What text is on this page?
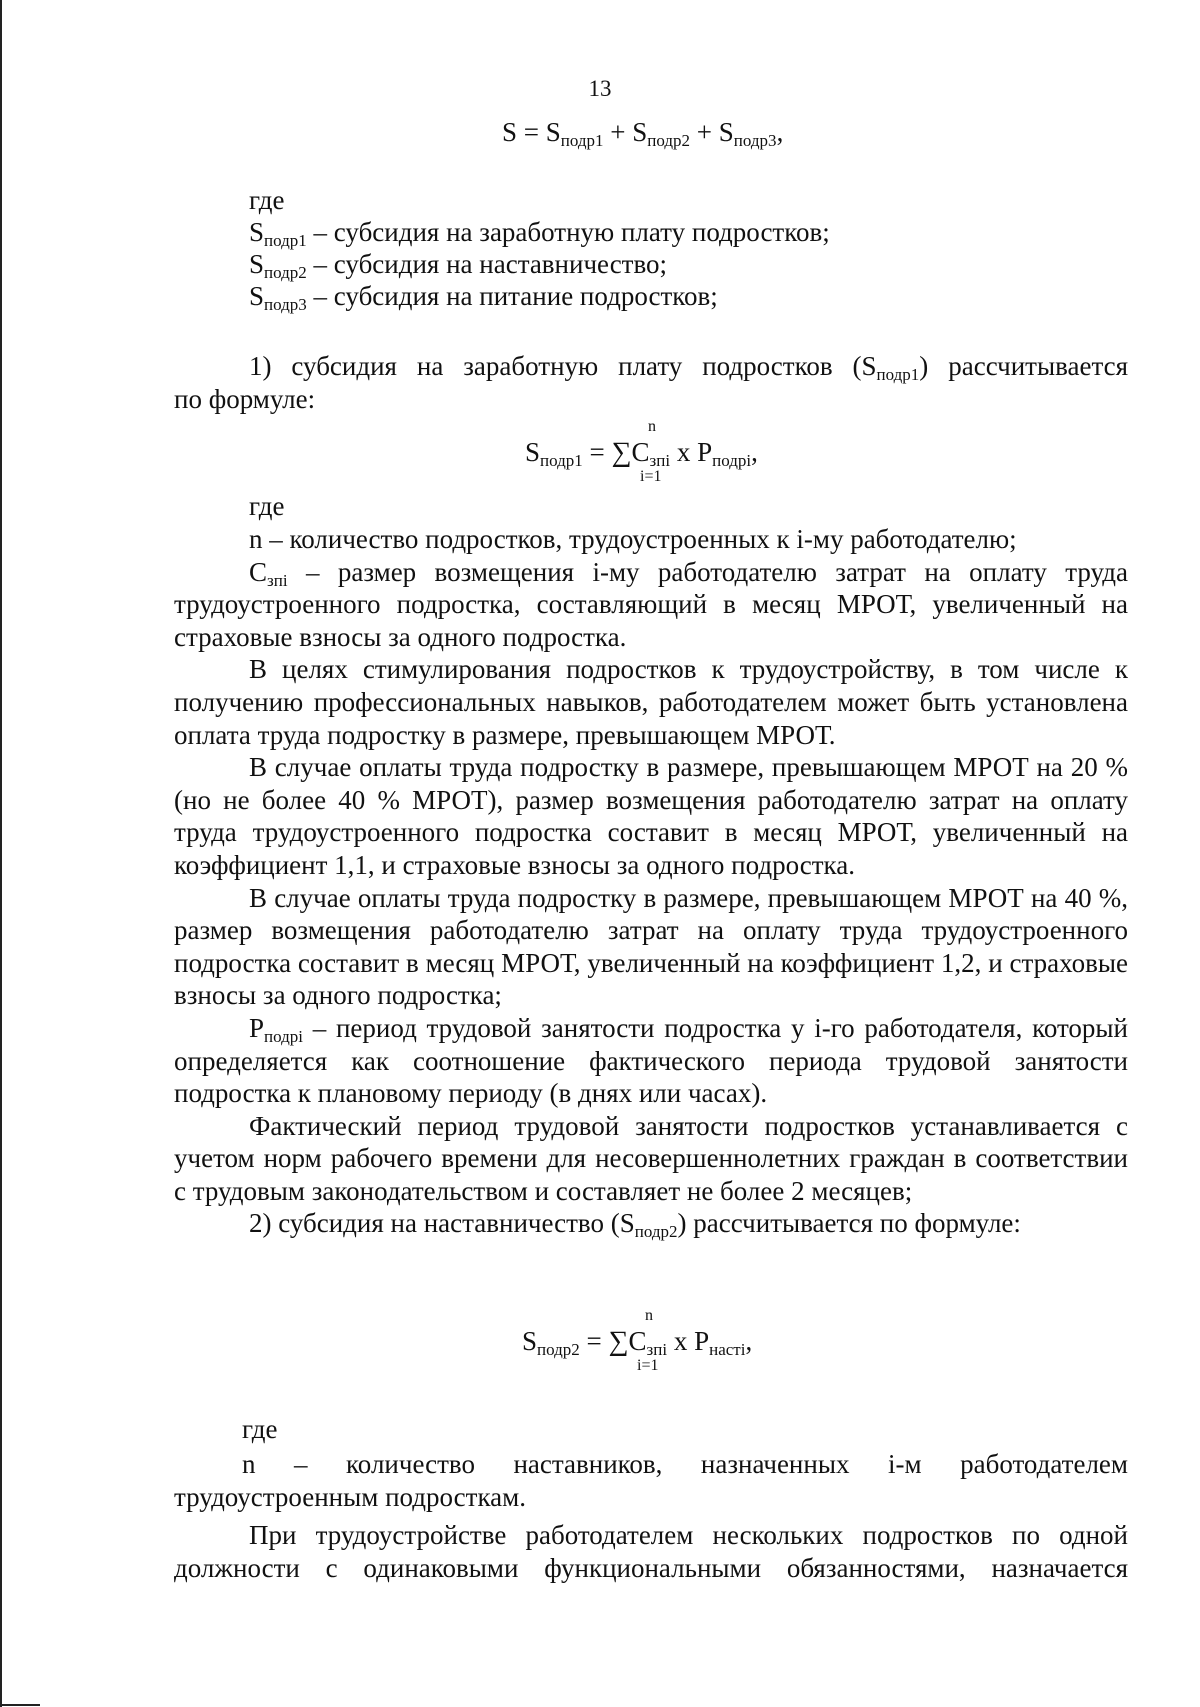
13
$S = S_{подр1} + S_{подр2} + S_{подр3}$,
где
$S_{подр1}$ – субсидия на заработную плату подростков;
$S_{подр2}$ – субсидия на наставничество;
$S_{подр3}$ – субсидия на питание подростков;

1) субсидия на заработную плату подростков $(S_{подр1})$ рассчитывается

по формуле:

n
$S_{подр1} = \sum C_{зпi}$ x $P_{подрi}$,
i=1
где

n – количество подростков, трудоустроенных к i-му работодателю;

$C_{зпi}$ – размер возмещения i-му работодателю затрат на оплату труда трудоустроенного подростка, составляющий в месяц МРОТ, увеличенный на страховые взносы за одного подростка.

В целях стимулирования подростков к трудоустройству, в том числе к получению профессиональных навыков, работодателем может быть установлена оплата труда подростку в размере, превышающем МРОТ.

В случае оплаты труда подростку в размере, превышающем МРОТ на 20 % (но не более 40 % МРОТ), размер возмещения работодателю затрат на оплату труда трудоустроенного подростка составит в месяц МРОТ, увеличенный на коэффициент 1,1, и страховые взносы за одного подростка.

В случае оплаты труда подростку в размере, превышающем МРОТ на 40 %, размер возмещения работодателю затрат на оплату труда трудоустроенного подростка составит в месяц МРОТ, увеличенный на коэффициент 1,2, и страховые взносы за одного подростка;

$P_{подрi}$ – период трудовой занятости подростка у i-го работодателя, который определяется как соотношение фактического периода трудовой занятости подростка к плановому периоду (в днях или часах).

Фактический период трудовой занятости подростков устанавливается с учетом норм рабочего времени для несовершеннолетних граждан в соответствии с трудовым законодательством и составляет не более 2 месяцев;

2) субсидия на наставничество $(S_{подр2})$ рассчитывается по формуле:

n
$S_{подр2} = \sum C_{зпi}$ x $P_{настi}$,
i=1
где

n – количество наставников, назначенных i-м работодателем трудоустроенным подросткам.

При трудоустройстве работодателем нескольких подростков по одной должности с одинаковыми функциональными обязанностями, назначается
